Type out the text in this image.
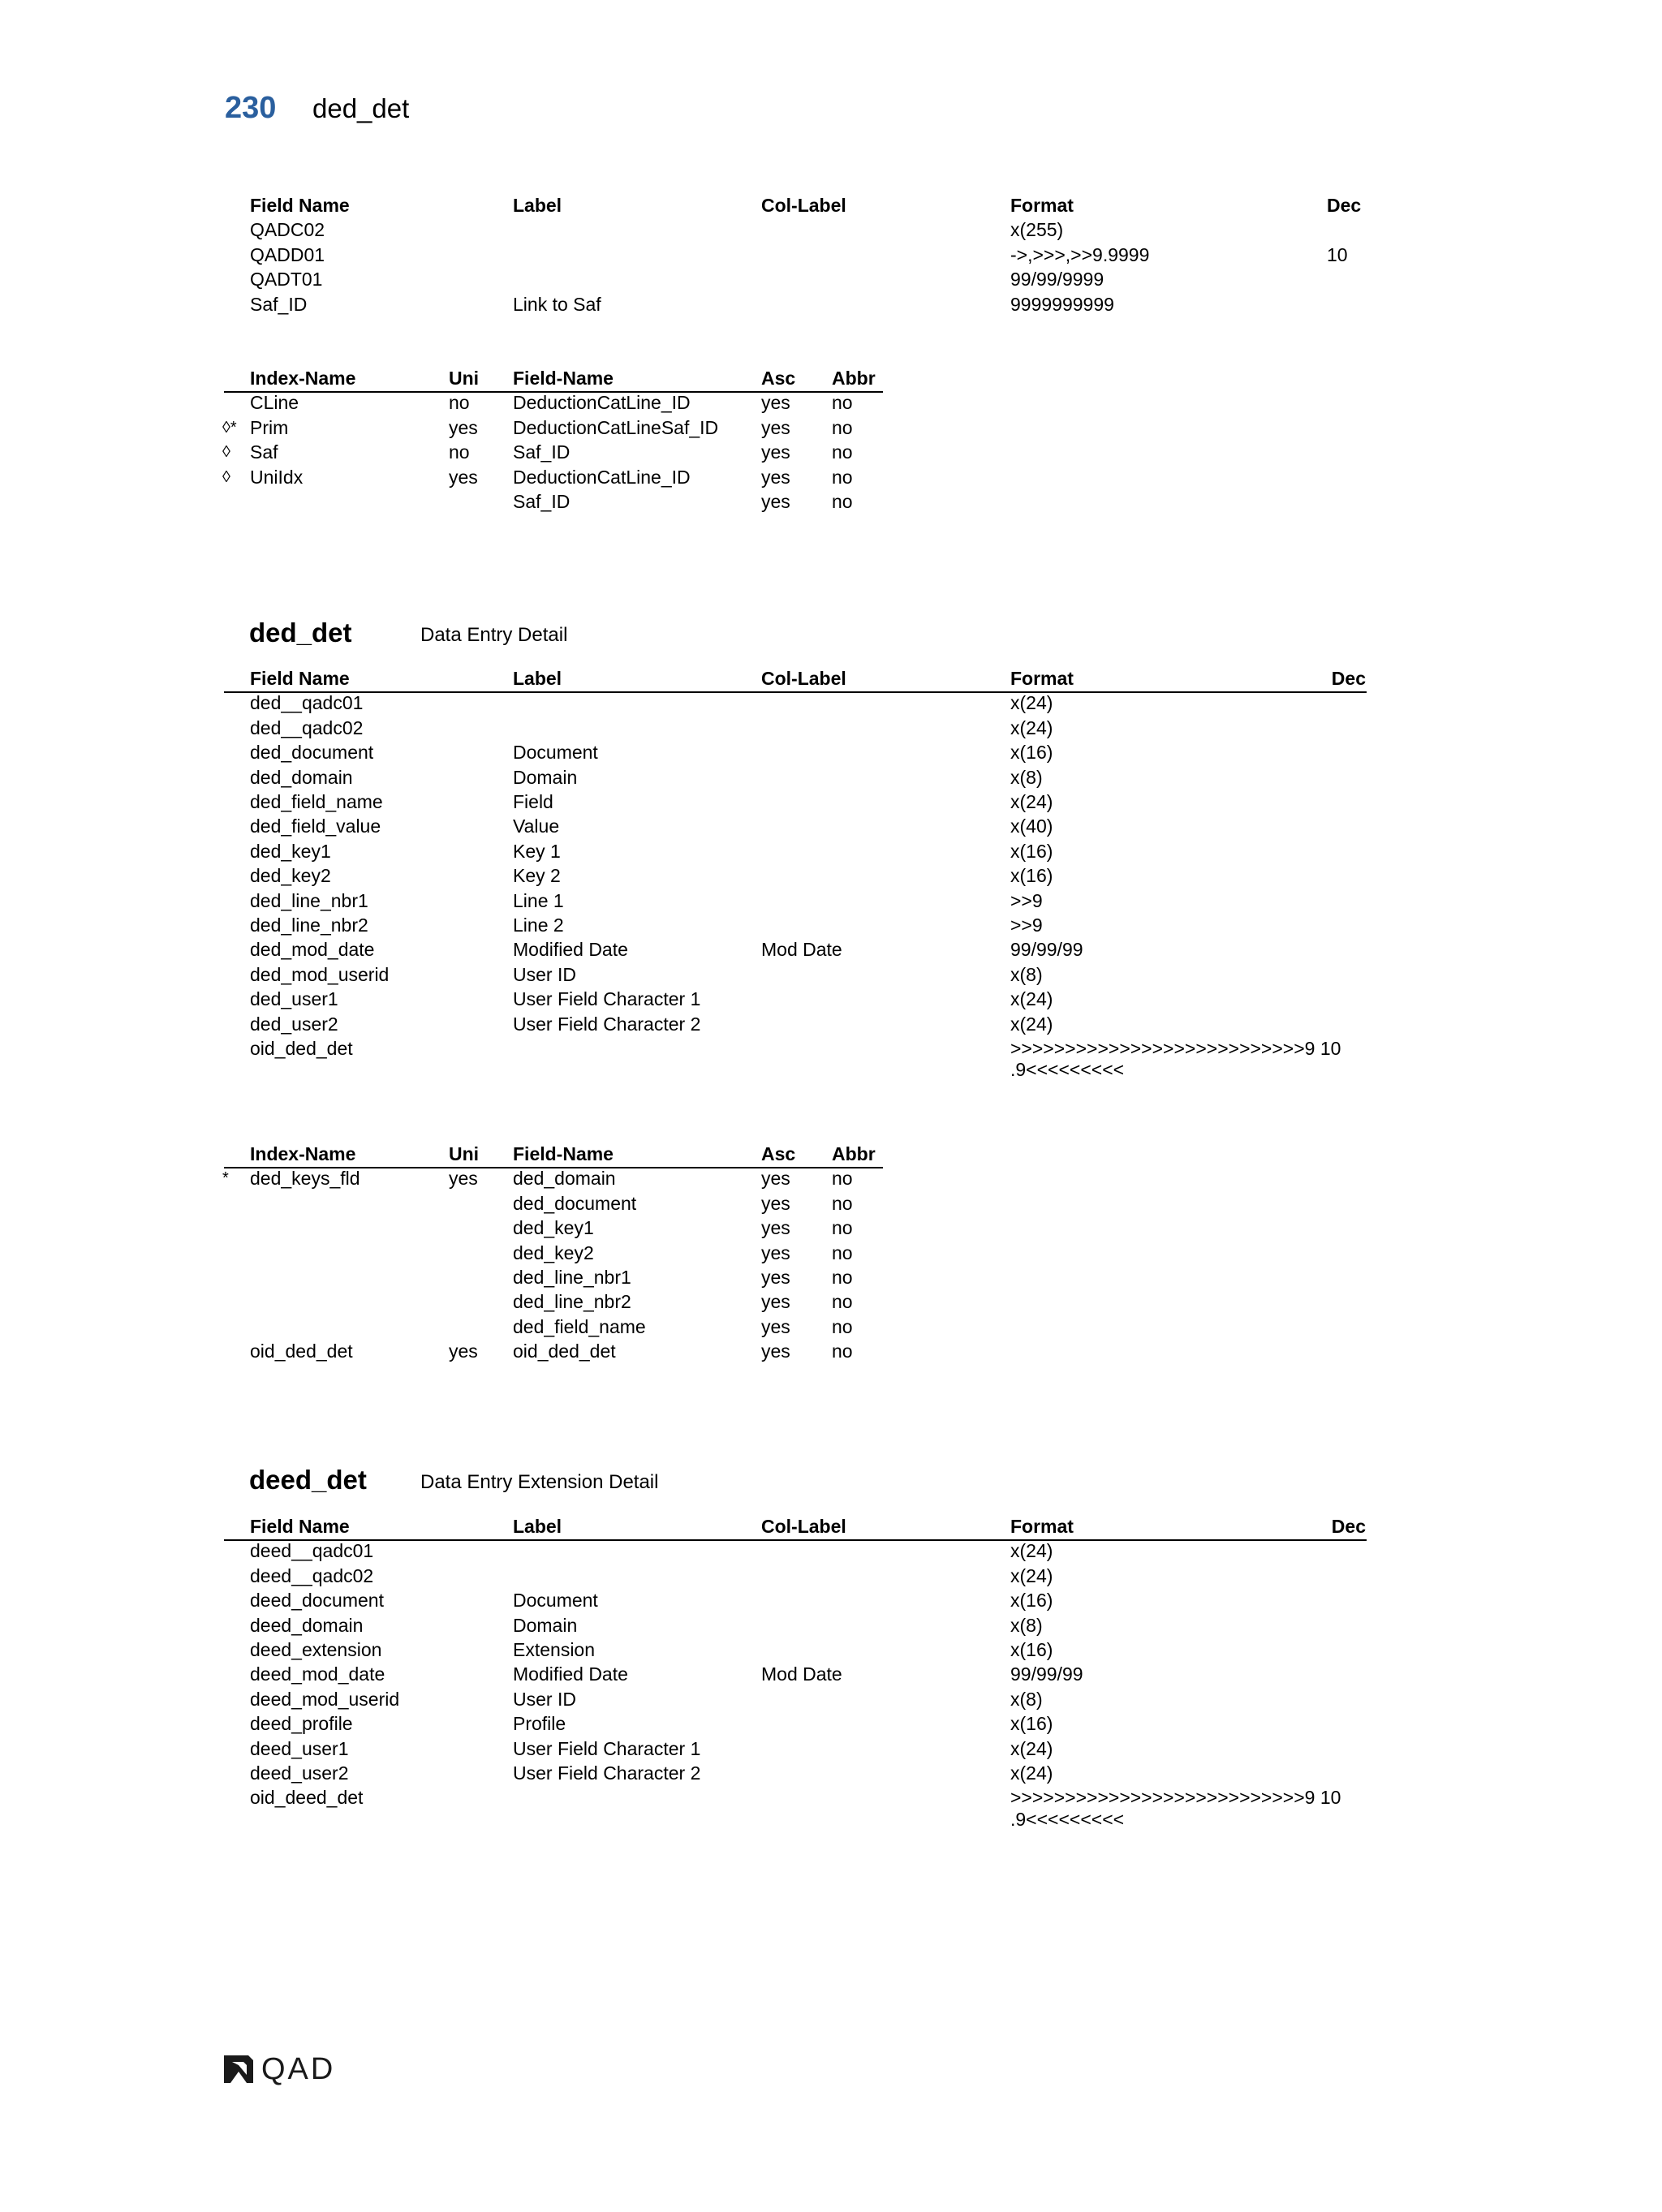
230 ded_det
Field Name	Label	Col-Label	Format	Dec
QADC02	x(255)
QADD01	->,>>>,>>9.9999	10
QADT01	99/99/9999
Saf_ID	Link to Saf	9999999999
Index-Name	Uni Field-Name	Asc Abbr
CLine	no DeductionCatLine_ID	yes no
◊* Prim	yes DeductionCatLineSaf_ID yes no
◊ Saf	no Saf_ID	yes no
◊ UniIdx	yes DeductionCatLine_ID	yes no
Saf_ID	yes no
ded_det	Data Entry Detail
Field Name	Label	Col-Label	Format	Dec
ded__qadc01	x(24)
ded__qadc02	x(24)
ded_document	Document	x(16)
ded_domain	Domain	x(8)
ded_field_name	Field	x(24)
ded_field_value	Value	x(40)
ded_key1	Key 1	x(16)
ded_key2	Key 2	x(16)
ded_line_nbr1	Line 1	>>9
ded_line_nbr2	Line 2	>>9
ded_mod_date	Modified Date	Mod Date	99/99/99
ded_mod_userid	User ID	x(8)
ded_user1	User Field Character 1	x(24)
ded_user2	User Field Character 2	x(24)
oid_ded_det	>>>>>>>>>>>>>>>>>>>>>>>>>>>9 10
.9<<<<<<<<<
Index-Name	Uni Field-Name	Asc Abbr
* ded_keys_fld	yes ded_domain	yes no
ded_document	yes no
ded_key1	yes no
ded_key2	yes no
ded_line_nbr1	yes no
ded_line_nbr2	yes no
ded_field_name	yes no
oid_ded_det	yes oid_ded_det	yes no
deed_det	Data Entry Extension Detail
Field Name	Label	Col-Label	Format	Dec
deed__qadc01	x(24)
deed__qadc02	x(24)
deed_document	Document	x(16)
deed_domain	Domain	x(8)
deed_extension	Extension	x(16)
deed_mod_date	Modified Date	Mod Date	99/99/99
deed_mod_userid	User ID	x(8)
deed_profile	Profile	x(16)
deed_user1	User Field Character 1	x(24)
deed_user2	User Field Character 2	x(24)
oid_deed_det	>>>>>>>>>>>>>>>>>>>>>>>>>>>9 10
.9<<<<<<<<<
QAD
